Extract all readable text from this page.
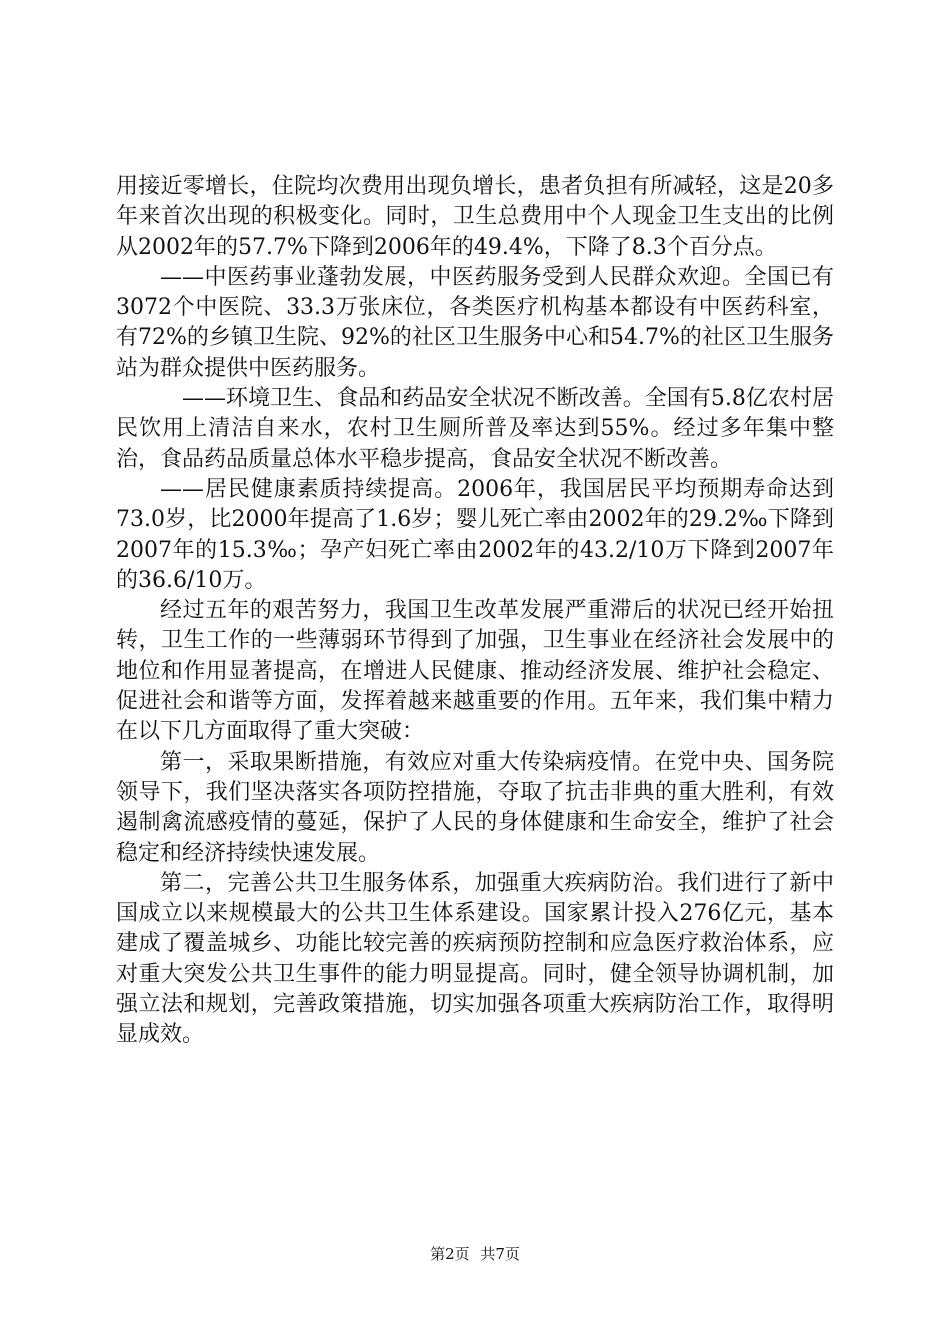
用接近零增长，住院均次费用出现负增长，患者负担有所减轻，这是20多年来首次出现的积极变化。同时，卫生总费用中个人现金卫生支出的比例从2002年的57.7%下降到2006年的49.4%，下降了8.3个百分点。

——中医药事业蓬勃发展，中医药服务受到人民群众欢迎。全国已有3072个中医院、33.3万张床位，各类医疗机构基本都设有中医药科室，有72%的乡镇卫生院、92%的社区卫生服务中心和54.7%的社区卫生服务站为群众提供中医药服务。

——环境卫生、食品和药品安全状况不断改善。全国有5.8亿农村居民饮用上清洁自来水，农村卫生厕所普及率达到55%。经过多年集中整治，食品药品质量总体水平稳步提高，食品安全状况不断改善。

——居民健康素质持续提高。2006年，我国居民平均预期寿命达到73.0岁，比2000年提高了1.6岁；婴儿死亡率由2002年的29.2‰下降到2007年的15.3‰；孕产妇死亡率由2002年的43.2/10万下降到2007年的36.6/10万。

经过五年的艰苦努力，我国卫生改革发展严重滞后的状况已经开始扭转，卫生工作的一些薄弱环节得到了加强，卫生事业在经济社会发展中的地位和作用显著提高，在增进人民健康、推动经济发展、维护社会稳定、促进社会和谐等方面，发挥着越来越重要的作用。五年来，我们集中精力在以下几方面取得了重大突破：

第一，采取果断措施，有效应对重大传染病疫情。在党中央、国务院领导下，我们坚决落实各项防控措施，夺取了抗击非典的重大胜利，有效遏制禽流感疫情的蔓延，保护了人民的身体健康和生命安全，维护了社会稳定和经济持续快速发展。

第二，完善公共卫生服务体系，加强重大疾病防治。我们进行了新中国成立以来规模最大的公共卫生体系建设。国家累计投入276亿元，基本建成了覆盖城乡、功能比较完善的疾病预防控制和应急医疗救治体系，应对重大突发公共卫生事件的能力明显提高。同时，健全领导协调机制，加强立法和规划，完善政策措施，切实加强各项重大疾病防治工作，取得明显成效。

第2页 共7页
